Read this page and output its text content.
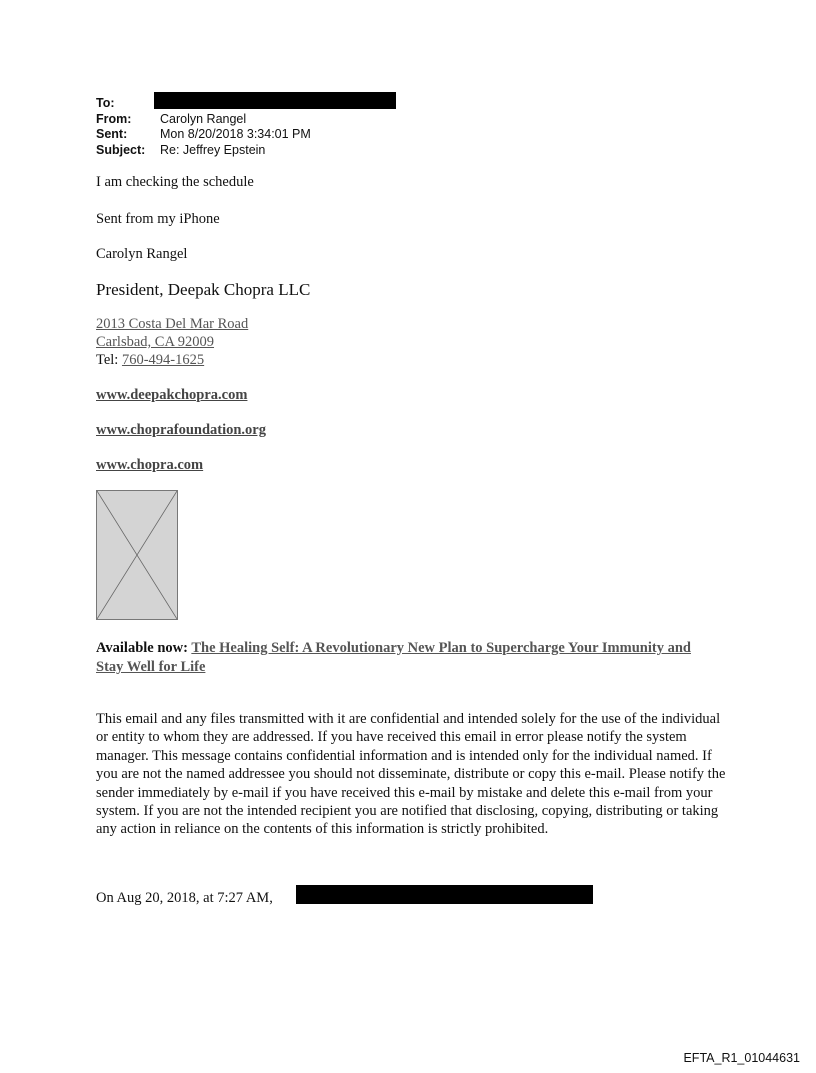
To:
From: Carolyn Rangel
Sent:	Mon 8/20/2018 3:34:01 PM
Subject: Re: Jeffrey Epstein
I am checking the schedule
Sent from my iPhone
Carolyn Rangel
President, Deepak Chopra LLC
2013 Costa Del Mar Road
Carlsbad, CA 92009
Tel: 760-494-1625
www.deepakchopra.com
www.choprafoundation.org
www.chopra.com
Available now: The Healing Self: A Revolutionary New Plan to Supercharge Your Immunity and Stay Well for Life
This email and any files transmitted with it are confidential and intended solely for the use of the individual or entity to whom they are addressed. If you have received this email in error please notify the system manager. This message contains confidential information and is intended only for the individual named. If you are not the named addressee you should not disseminate, distribute or copy this e-mail. Please notify the sender immediately by e-mail if you have received this e-mail by mistake and delete this e-mail from your system. If you are not the intended recipient you are notified that disclosing, copying, distributing or taking any action in reliance on the contents of this information is strictly prohibited.
On Aug 20, 2018, at 7:27 AM,
EFTA_R1_01044631
